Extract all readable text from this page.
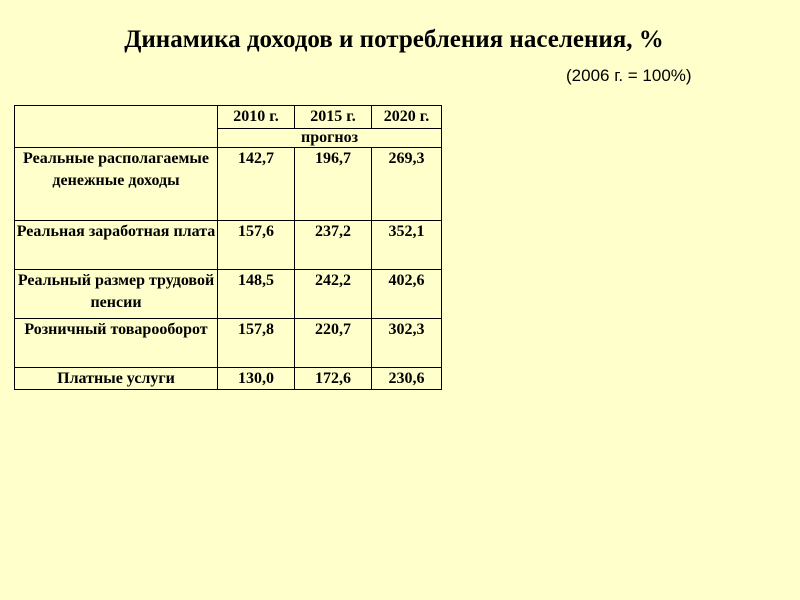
Динамика доходов и потребления населения, %
(2006 г. = 100%)
	2010 г.	2015 г.	2020 г.
	прогноз		
Реальные располагаемые денежные доходы	142,7	196,7	269,3
Реальная заработная плата	157,6	237,2	352,1
Реальный размер трудовой пенсии	148,5	242,2	402,6
Розничный товарооборот	157,8	220,7	302,3
Платные услуги	130,0	172,6	230,6
